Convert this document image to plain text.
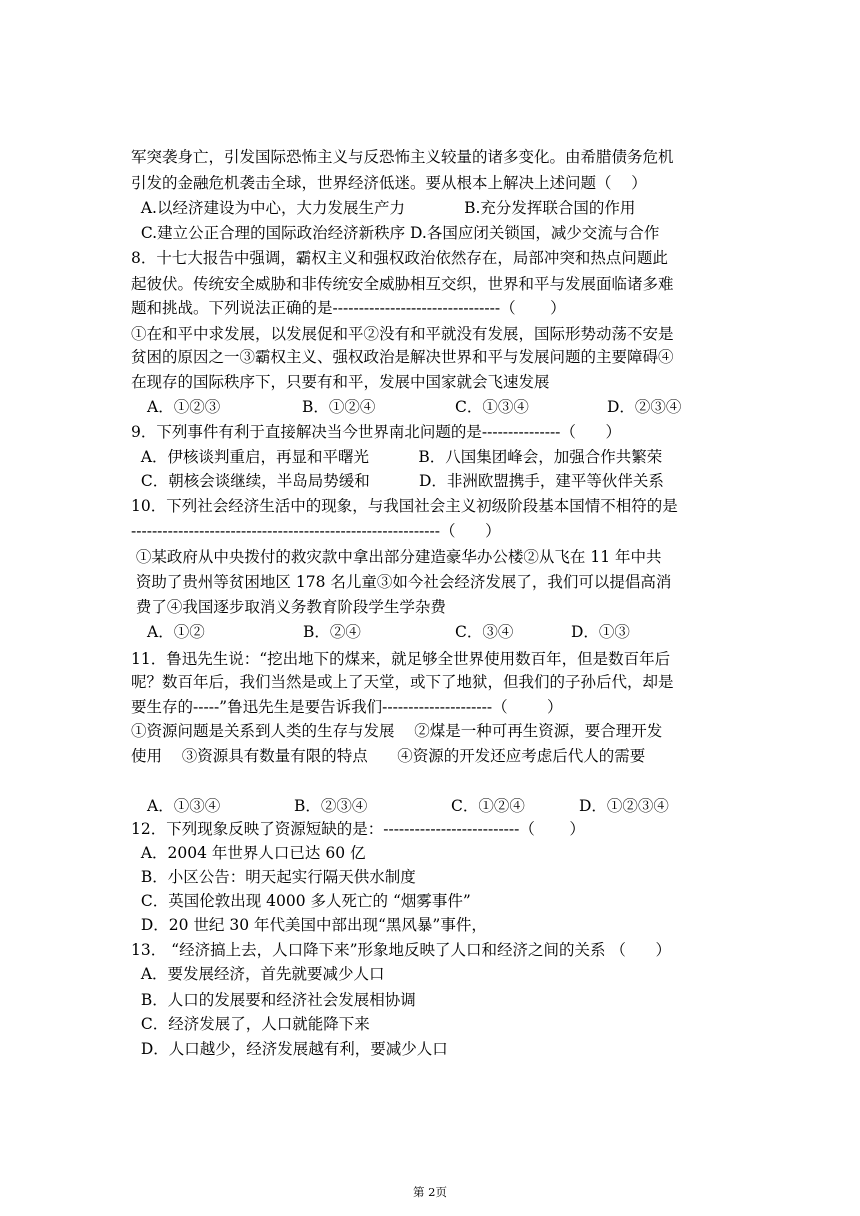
军突袭身亡，引发国际恐怖主义与反恐怖主义较量的诸多变化。由希腊债务危机
引发的金融危机袭击全球，世界经济低迷。要从根本上解决上述问题（    ）
A.以经济建设为中心，大力发展生产力            B.充分发挥联合国的作用
C.建立公正合理的国际政治经济新秩序 D.各国应闭关锁国，减少交流与合作
8．十七大报告中强调，霸权主义和强权政治依然存在，局部冲突和热点问题此
起彼伏。传统安全威胁和非传统安全威胁相互交织，世界和平与发展面临诸多难
题和挑战。下列说法正确的是--------------------------------（       ）
①在和平中求发展，以发展促和平②没有和平就没有发展，国际形势动荡不安是
贫困的原因之一③霸权主义、强权政治是解决世界和平与发展问题的主要障碍④
在现存的国际秩序下，只要有和平，发展中国家就会飞速发展
9．下列事件有利于直接解决当今世界南北问题的是---------------（      ）
A．伊核谈判重启，再显和平曙光          B．八国集团峰会，加强合作共繁荣
C．朝核会谈继续，半岛局势缓和          D．非洲欧盟携手，建平等伙伴关系
10．下列社会经济生活中的现象，与我国社会主义初级阶段基本国情不相符的是
-----------------------------------------------------------（      ）
①某政府从中央拨付的救灾款中拿出部分建造豪华办公楼②从飞在 11 年中共
资助了贵州等贫困地区 178 名儿童③如今社会经济发展了，我们可以提倡高消
费了④我国逐步取消义务教育阶段学生学杂费
11．鲁迅先生说：“挖出地下的煤来，就足够全世界使用数百年，但是数百年后
呢？数百年后，我们当然是或上了天堂，或下了地狱，但我们的子孙后代，却是
要生存的-----”鲁迅先生是要告诉我们---------------------（        ）
①资源问题是关系到人类的生存与发展    ②煤是一种可再生资源，要合理开发
使用    ③资源具有数量有限的特点      ④资源的开发还应考虑后代人的需要
12．下列现象反映了资源短缺的是：--------------------------（       ）
A．2004 年世界人口已达 60 亿
B．小区公告：明天起实行隔天供水制度
C．英国伦敦出现 4000 多人死亡的 “烟雾事件”
D．20 世纪 30 年代美国中部出现“黑风暴”事件，
13． “经济搞上去，人口降下来”形象地反映了人口和经济之间的关系 （      ）
A．要发展经济，首先就要减少人口
B．人口的发展要和经济社会发展相协调
C．经济发展了，人口就能降下来
D．人口越少，经济发展越有利，要减少人口
A．①②③	B．①②④	C．①③④	D．②③④
A．①②	B．②④	C．③④	D．①③
A．①③④	B．②③④	C．①②④	D．①②③④
第 2页
